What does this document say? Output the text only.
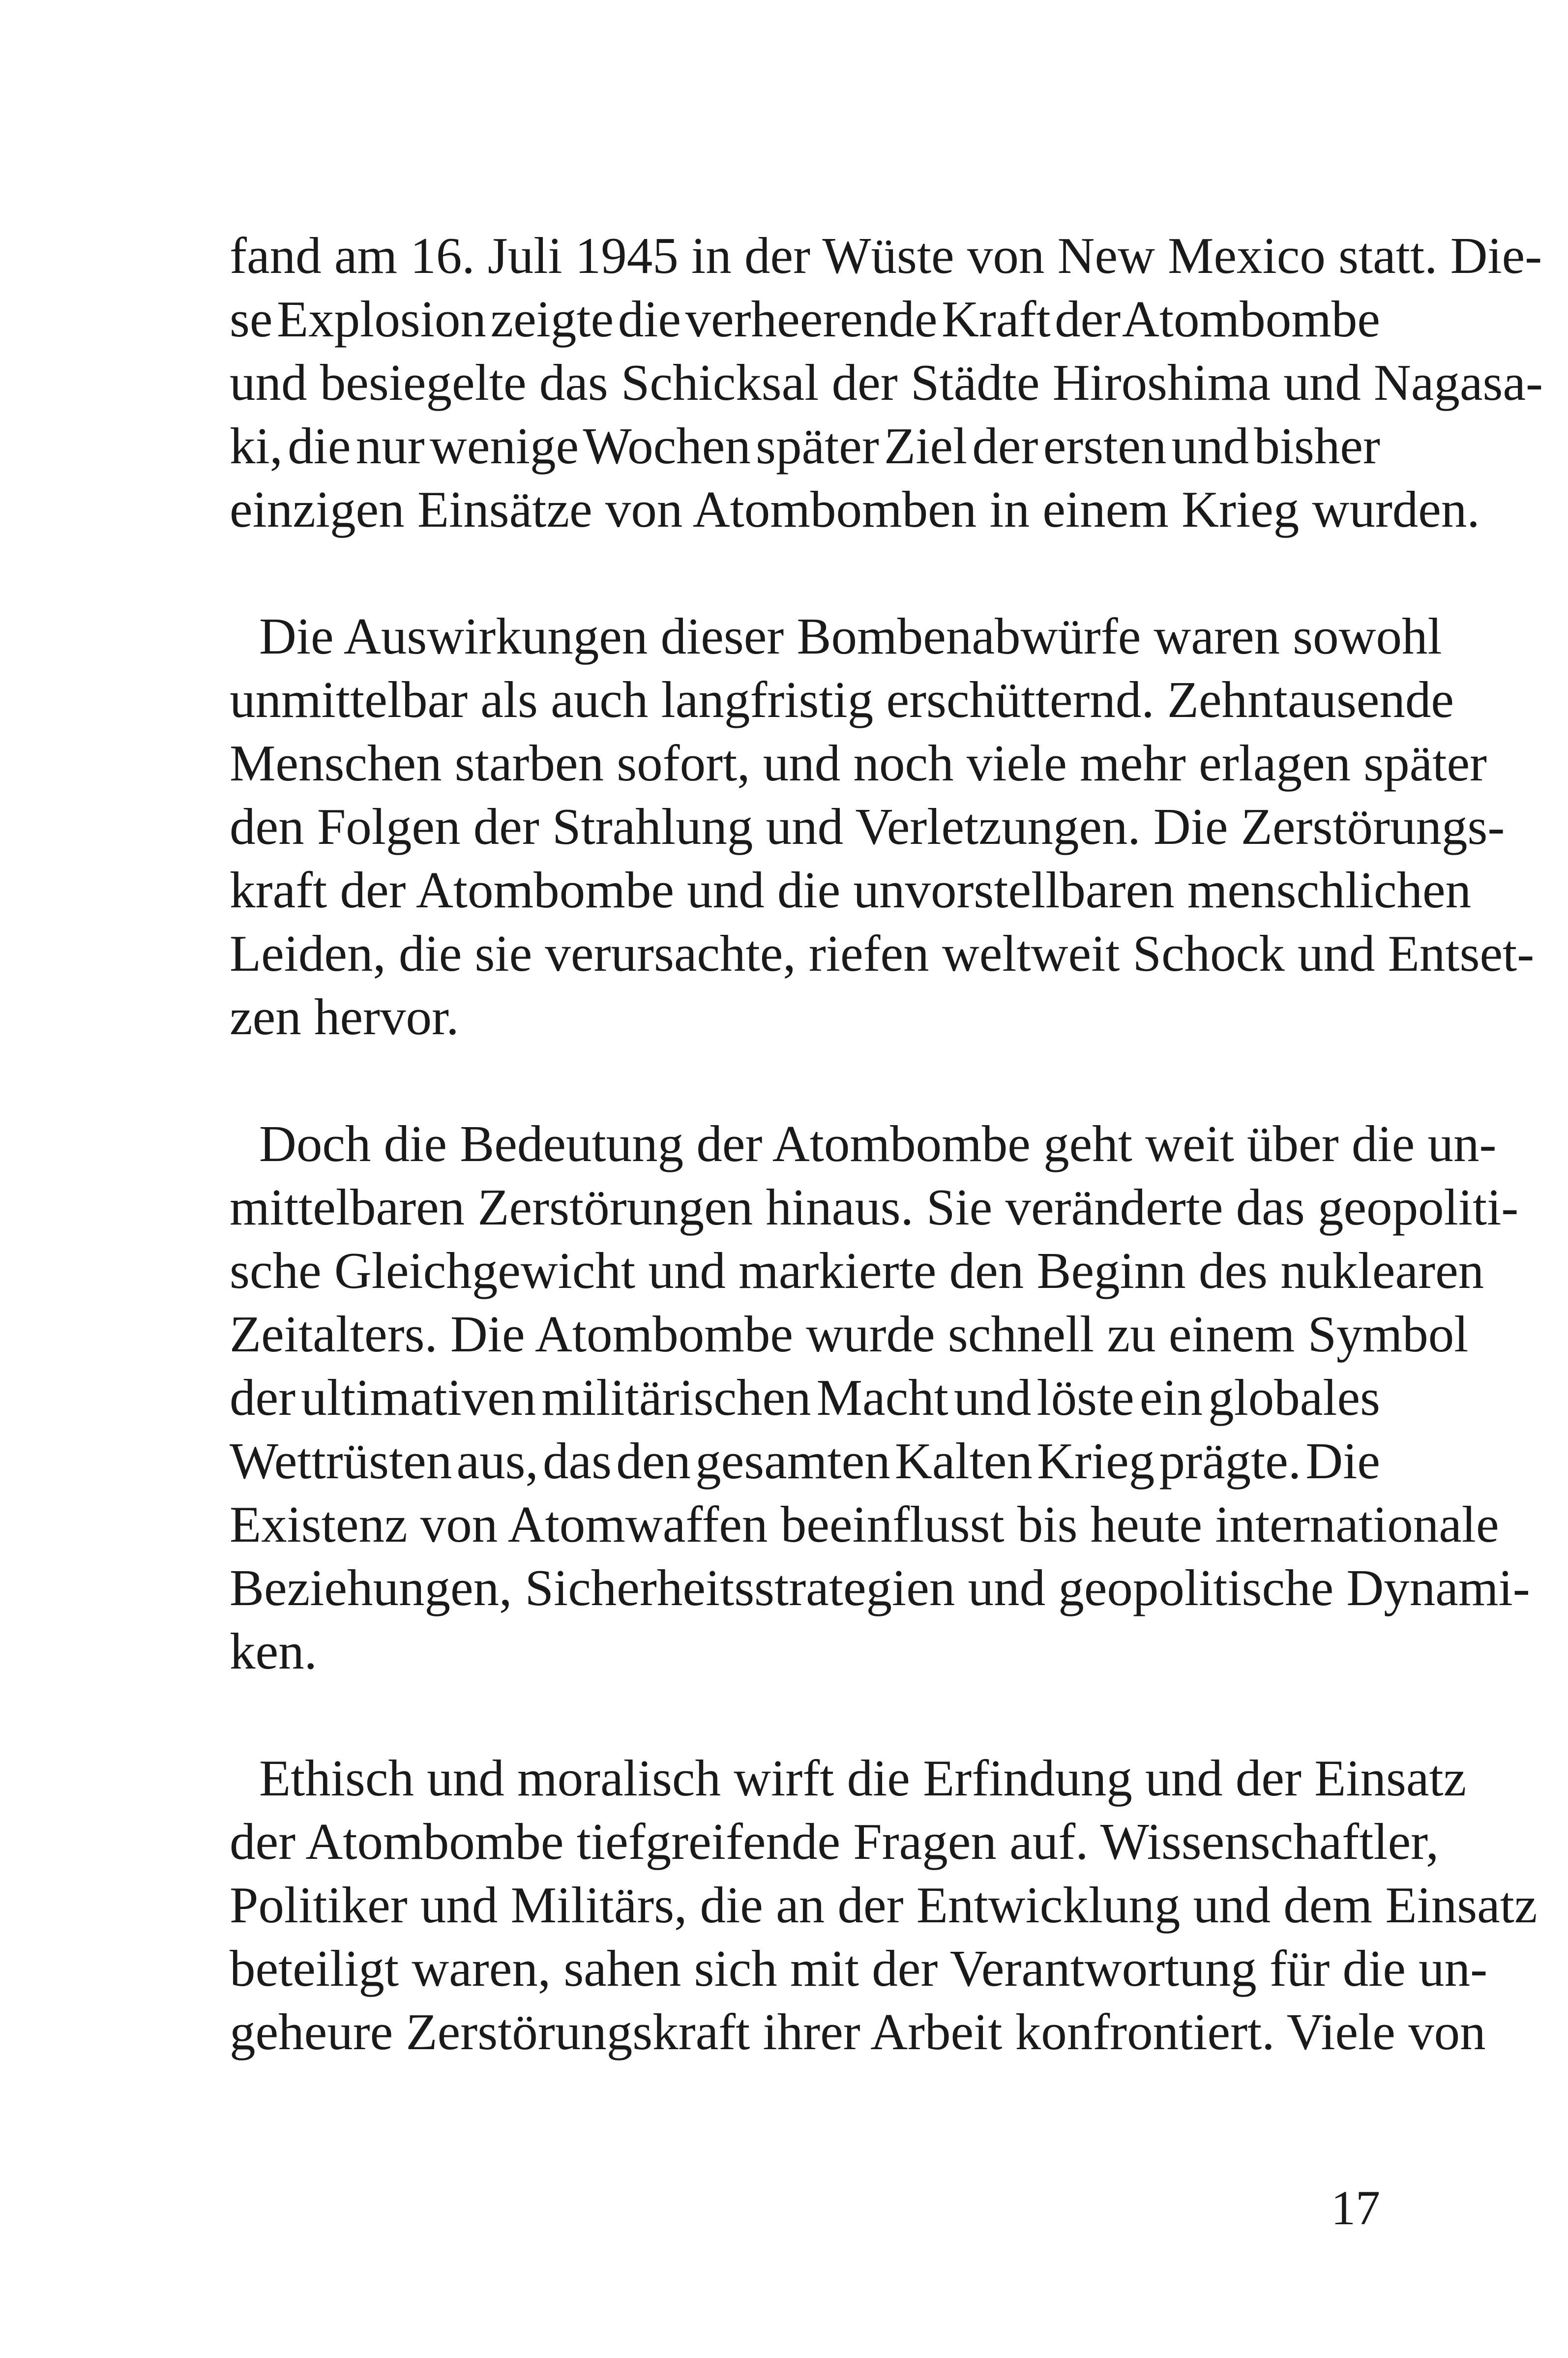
fand am 16. Juli 1945 in der Wüste von New Mexico statt. Die-
se Explosion zeigte die verheerende Kraft der Atombombe
und besiegelte das Schicksal der Städte Hiroshima und Nagasa-
ki, die nur wenige Wochen später Ziel der ersten und bisher
einzigen Einsätze von Atombomben in einem Krieg wurden.
Die Auswirkungen dieser Bombenabwürfe waren sowohl
unmittelbar als auch langfristig erschütternd. Zehntausende
Menschen starben sofort, und noch viele mehr erlagen später
den Folgen der Strahlung und Verletzungen. Die Zerstörungs-
kraft der Atombombe und die unvorstellbaren menschlichen
Leiden, die sie verursachte, riefen weltweit Schock und Entset-
zen hervor.
Doch die Bedeutung der Atombombe geht weit über die un-
mittelbaren Zerstörungen hinaus. Sie veränderte das geopoliti-
sche Gleichgewicht und markierte den Beginn des nuklearen
Zeitalters. Die Atombombe wurde schnell zu einem Symbol
der ultimativen militärischen Macht und löste ein globales
Wettrüsten aus, das den gesamten Kalten Krieg prägte. Die
Existenz von Atomwaffen beeinflusst bis heute internationale
Beziehungen, Sicherheitsstrategien und geopolitische Dynami-
ken.
Ethisch und moralisch wirft die Erfindung und der Einsatz
der Atombombe tiefgreifende Fragen auf. Wissenschaftler,
Politiker und Militärs, die an der Entwicklung und dem Einsatz
beteiligt waren, sahen sich mit der Verantwortung für die un-
geheure Zerstörungskraft ihrer Arbeit konfrontiert. Viele von
17
